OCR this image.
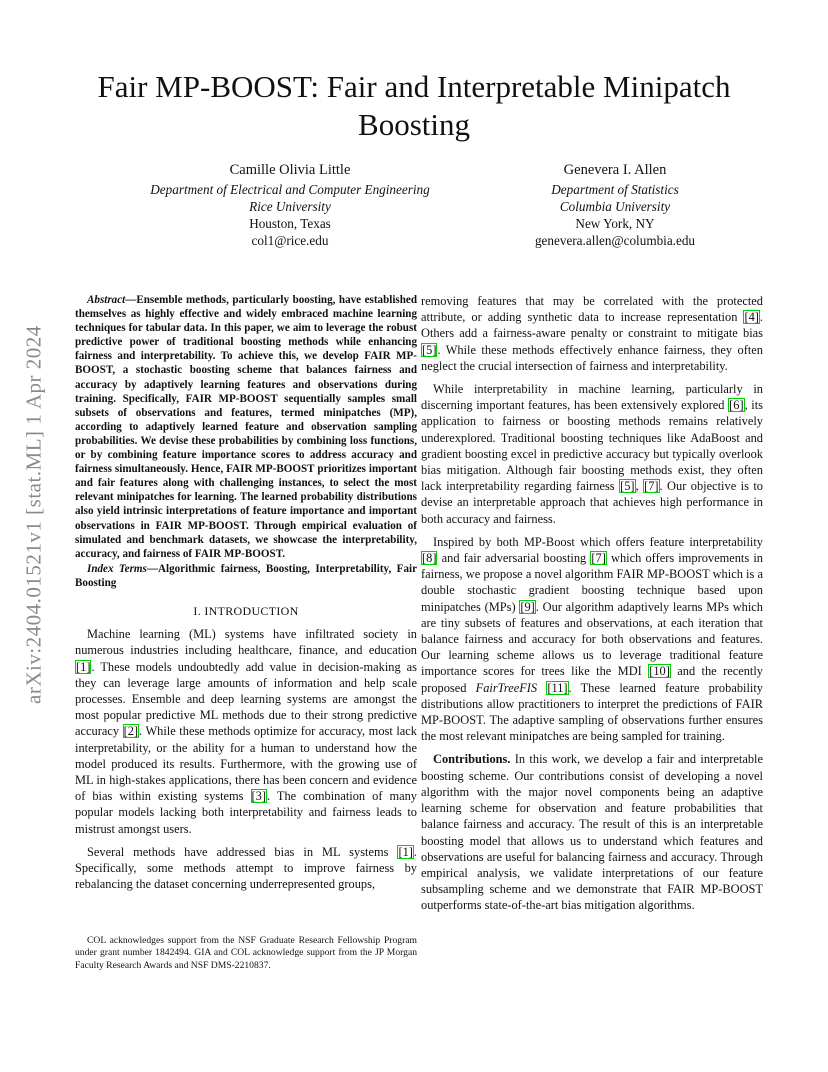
arXiv:2404.01521v1 [stat.ML] 1 Apr 2024
Fair MP-BOOST: Fair and Interpretable Minipatch Boosting
Camille Olivia Little
Department of Electrical and Computer Engineering
Rice University
Houston, Texas
col1@rice.edu
Genevera I. Allen
Department of Statistics
Columbia University
New York, NY
genevera.allen@columbia.edu

Abstract—Ensemble methods, particularly boosting, have established themselves as highly effective and widely embraced machine learning techniques for tabular data. In this paper, we aim to leverage the robust predictive power of traditional boosting methods while enhancing fairness and interpretability. To achieve this, we develop FAIR MP-BOOST, a stochastic boosting scheme that balances fairness and accuracy by adaptively learning features and observations during training. Specifically, FAIR MP-BOOST sequentially samples small subsets of observations and features, termed minipatches (MP), according to adaptively learned feature and observation sampling probabilities. We devise these probabilities by combining loss functions, or by combining feature importance scores to address accuracy and fairness simultaneously. Hence, FAIR MP-BOOST prioritizes important and fair features along with challenging instances, to select the most relevant minipatches for learning. The learned probability distributions also yield intrinsic interpretations of feature importance and important observations in FAIR MP-BOOST. Through empirical evaluation of simulated and benchmark datasets, we showcase the interpretability, accuracy, and fairness of FAIR MP-BOOST.

Index Terms—Algorithmic fairness, Boosting, Interpretability, Fair Boosting

I. INTRODUCTION

Machine learning (ML) systems have infiltrated society in numerous industries including healthcare, finance, and education [1]. These models undoubtedly add value in decision-making as they can leverage large amounts of information and help scale processes. Ensemble and deep learning systems are amongst the most popular predictive ML methods due to their strong predictive accuracy [2]. While these methods optimize for accuracy, most lack interpretability, or the ability for a human to understand how the model produced its results. Furthermore, with the growing use of ML in high-stakes applications, there has been concern and evidence of bias within existing systems [3]. The combination of many popular models lacking both interpretability and fairness leads to mistrust amongst users.

Several methods have addressed bias in ML systems [1]. Specifically, some methods attempt to improve fairness by rebalancing the dataset concerning underrepresented groups,

COL acknowledges support from the NSF Graduate Research Fellowship Program under grant number 1842494. GIA and COL acknowledge support from the JP Morgan Faculty Research Awards and NSF DMS-2210837.

removing features that may be correlated with the protected attribute, or adding synthetic data to increase representation [4]. Others add a fairness-aware penalty or constraint to mitigate bias [5]. While these methods effectively enhance fairness, they often neglect the crucial intersection of fairness and interpretability.

While interpretability in machine learning, particularly in discerning important features, has been extensively explored [6], its application to fairness or boosting methods remains relatively underexplored. Traditional boosting techniques like AdaBoost and gradient boosting excel in predictive accuracy but typically overlook bias mitigation. Although fair boosting methods exist, they often lack interpretability regarding fairness [5], [7]. Our objective is to devise an interpretable approach that achieves high performance in both accuracy and fairness.

Inspired by both MP-Boost which offers feature interpretability [8] and fair adversarial boosting [7] which offers improvements in fairness, we propose a novel algorithm FAIR MP-BOOST which is a double stochastic gradient boosting technique based upon minipatches (MPs) [9]. Our algorithm adaptively learns MPs which are tiny subsets of features and observations, at each iteration that balance fairness and accuracy for both observations and features. Our learning scheme allows us to leverage traditional feature importance scores for trees like the MDI [10] and the recently proposed FairTreeFIS [11]. These learned feature probability distributions allow practitioners to interpret the predictions of FAIR MP-BOOST. The adaptive sampling of observations further ensures the most relevant minipatches are being sampled for training.

Contributions. In this work, we develop a fair and interpretable boosting scheme. Our contributions consist of developing a novel algorithm with the major novel components being an adaptive learning scheme for observation and feature probabilities that balance fairness and accuracy. The result of this is an interpretable boosting model that allows us to understand which features and observations are useful for balancing fairness and accuracy. Through empirical analysis, we validate interpretations of our feature subsampling scheme and we demonstrate that FAIR MP-BOOST outperforms state-of-the-art bias mitigation algorithms.
